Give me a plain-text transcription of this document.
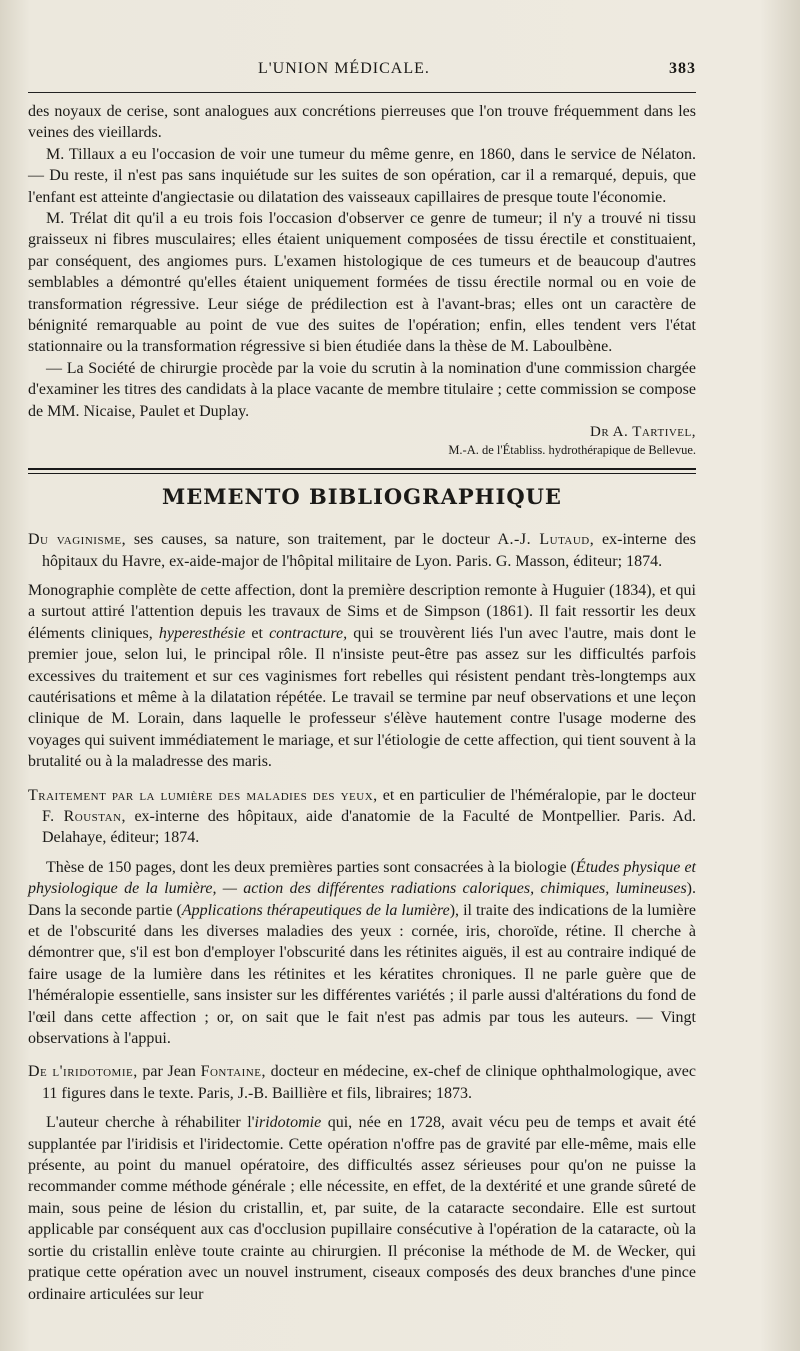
L'UNION MÉDICALE.	383

des noyaux de cerise, sont analogues aux concrétions pierreuses que l'on trouve fréquemment dans les veines des vieillards.

M. Tillaux a eu l'occasion de voir une tumeur du même genre, en 1860, dans le service de Nélaton. — Du reste, il n'est pas sans inquiétude sur les suites de son opération, car il a remarqué, depuis, que l'enfant est atteinte d'angiectasie ou dilatation des vaisseaux capillaires de presque toute l'économie.

M. Trélat dit qu'il a eu trois fois l'occasion d'observer ce genre de tumeur; il n'y a trouvé ni tissu graisseux ni fibres musculaires; elles étaient uniquement composées de tissu érectile et constituaient, par conséquent, des angiomes purs. L'examen histologique de ces tumeurs et de beaucoup d'autres semblables a démontré qu'elles étaient uniquement formées de tissu érectile normal ou en voie de transformation régressive. Leur siége de prédilection est à l'avant-bras; elles ont un caractère de bénignité remarquable au point de vue des suites de l'opération; enfin, elles tendent vers l'état stationnaire ou la transformation régressive si bien étudiée dans la thèse de M. Laboulbène.

— La Société de chirurgie procède par la voie du scrutin à la nomination d'une commission chargée d'examiner les titres des candidats à la place vacante de membre titulaire ; cette commission se compose de MM. Nicaise, Paulet et Duplay.

Dr A. Tartivel,
M.-A. de l'Établiss. hydrothérapique de Bellevue.
MEMENTO BIBLIOGRAPHIQUE
Du vaginisme, ses causes, sa nature, son traitement, par le docteur A.-J. Lutaud, ex-interne des hôpitaux du Havre, ex-aide-major de l'hôpital militaire de Lyon. Paris. G. Masson, éditeur; 1874.

Monographie complète de cette affection, dont la première description remonte à Huguier (1834), et qui a surtout attiré l'attention depuis les travaux de Sims et de Simpson (1861). Il fait ressortir les deux éléments cliniques, hyperesthésie et contracture, qui se trouvèrent liés l'un avec l'autre, mais dont le premier joue, selon lui, le principal rôle. Il n'insiste peut-être pas assez sur les difficultés parfois excessives du traitement et sur ces vaginismes fort rebelles qui résistent pendant très-longtemps aux cautérisations et même à la dilatation répétée. Le travail se termine par neuf observations et une leçon clinique de M. Lorain, dans laquelle le professeur s'élève hautement contre l'usage moderne des voyages qui suivent immédiatement le mariage, et sur l'étiologie de cette affection, qui tient souvent à la brutalité ou à la maladresse des maris.

Traitement par la lumière des maladies des yeux, et en particulier de l'héméralopie, par le docteur F. Roustan, ex-interne des hôpitaux, aide d'anatomie de la Faculté de Montpellier. Paris. Ad. Delahaye, éditeur; 1874.

Thèse de 150 pages, dont les deux premières parties sont consacrées à la biologie (Études physique et physiologique de la lumière, — action des différentes radiations caloriques, chimiques, lumineuses). Dans la seconde partie (Applications thérapeutiques de la lumière), il traite des indications de la lumière et de l'obscurité dans les diverses maladies des yeux : cornée, iris, choroïde, rétine. Il cherche à démontrer que, s'il est bon d'employer l'obscurité dans les rétinites aiguës, il est au contraire indiqué de faire usage de la lumière dans les rétinites et les kératites chroniques. Il ne parle guère que de l'héméralopie essentielle, sans insister sur les différentes variétés ; il parle aussi d'altérations du fond de l'œil dans cette affection ; or, on sait que le fait n'est pas admis par tous les auteurs. — Vingt observations à l'appui.

De l'iridotomie, par Jean Fontaine, docteur en médecine, ex-chef de clinique ophthalmologique, avec 11 figures dans le texte. Paris, J.-B. Baillière et fils, libraires; 1873.

L'auteur cherche à réhabiliter l'iridotomie qui, née en 1728, avait vécu peu de temps et avait été supplantée par l'iridisis et l'iridectomie. Cette opération n'offre pas de gravité par elle-même, mais elle présente, au point du manuel opératoire, des difficultés assez sérieuses pour qu'on ne puisse la recommander comme méthode générale ; elle nécessite, en effet, de la dextérité et une grande sûreté de main, sous peine de lésion du cristallin, et, par suite, de la cataracte secondaire. Elle est surtout applicable par conséquent aux cas d'occlusion pupillaire consécutive à l'opération de la cataracte, où la sortie du cristallin enlève toute crainte au chirurgien. Il préconise la méthode de M. de Wecker, qui pratique cette opération avec un nouvel instrument, ciseaux composés des deux branches d'une pince ordinaire articulées sur leur
